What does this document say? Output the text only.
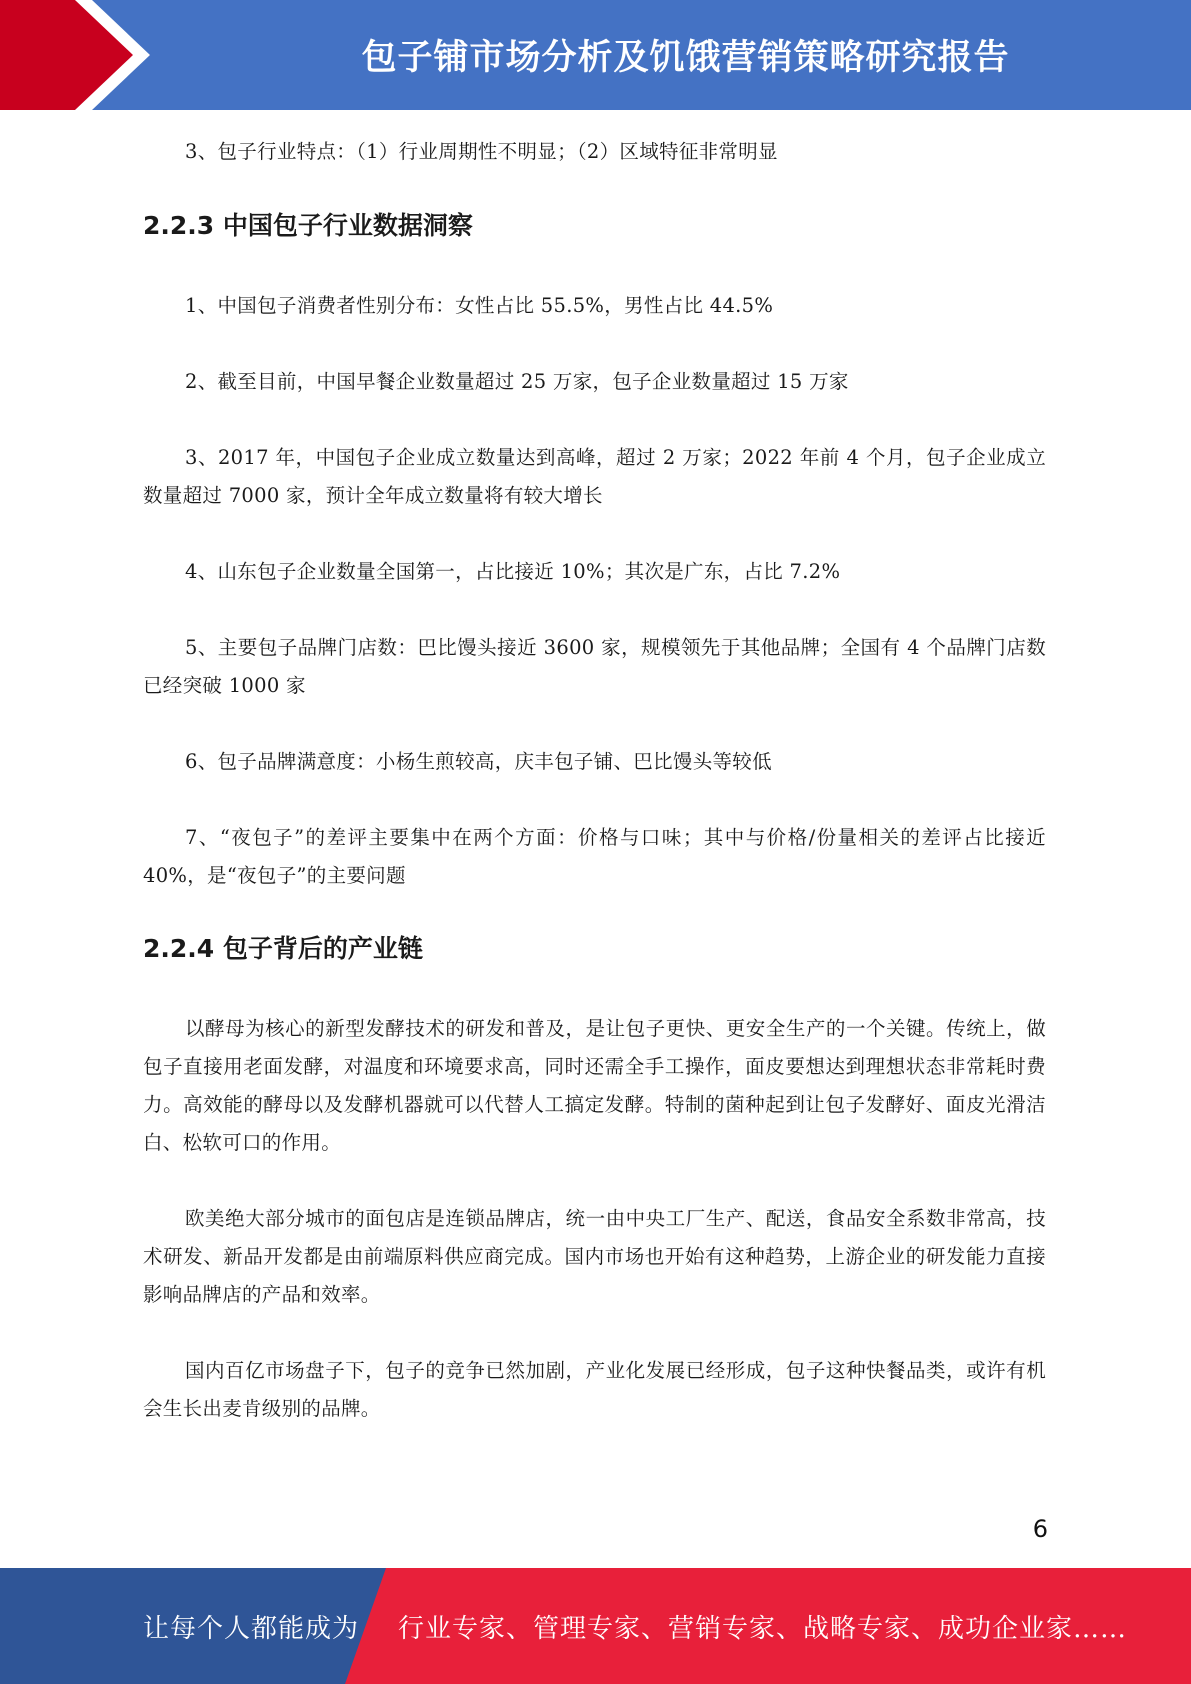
包子铺市场分析及饥饿营销策略研究报告
3、包子行业特点：（1）行业周期性不明显；（2）区域特征非常明显
2.2.3 中国包子行业数据洞察
1、中国包子消费者性别分布：女性占比 55.5%，男性占比 44.5%
2、截至目前，中国早餐企业数量超过 25 万家，包子企业数量超过 15 万家
3、2017 年，中国包子企业成立数量达到高峰，超过 2 万家；2022 年前 4 个月，包子企业成立数量超过 7000 家，预计全年成立数量将有较大增长
4、山东包子企业数量全国第一，占比接近 10%；其次是广东，占比 7.2%
5、主要包子品牌门店数：巴比馒头接近 3600 家，规模领先于其他品牌；全国有 4 个品牌门店数已经突破 1000 家
6、包子品牌满意度：小杨生煎较高，庆丰包子铺、巴比馒头等较低
7、“夜包子”的差评主要集中在两个方面：价格与口味；其中与价格/份量相关的差评占比接近 40%，是“夜包子”的主要问题
2.2.4 包子背后的产业链
以酵母为核心的新型发酵技术的研发和普及，是让包子更快、更安全生产的一个关键。传统上，做包子直接用老面发酵，对温度和环境要求高，同时还需全手工操作，面皮要想达到理想状态非常耗时费力。高效能的酵母以及发酵机器就可以代替人工搞定发酵。特制的菌种起到让包子发酵好、面皮光滑洁白、松软可口的作用。
欧美绝大部分城市的面包店是连锁品牌店，统一由中央工厂生产、配送，食品安全系数非常高，技术研发、新品开发都是由前端原料供应商完成。国内市场也开始有这种趋势，上游企业的研发能力直接影响品牌店的产品和效率。
国内百亿市场盘子下，包子的竞争已然加剧，产业化发展已经形成，包子这种快餐品类，或许有机会生长出麦肯级别的品牌。
6
让每个人都能成为 行业专家、管理专家、营销专家、战略专家、成功企业家……
